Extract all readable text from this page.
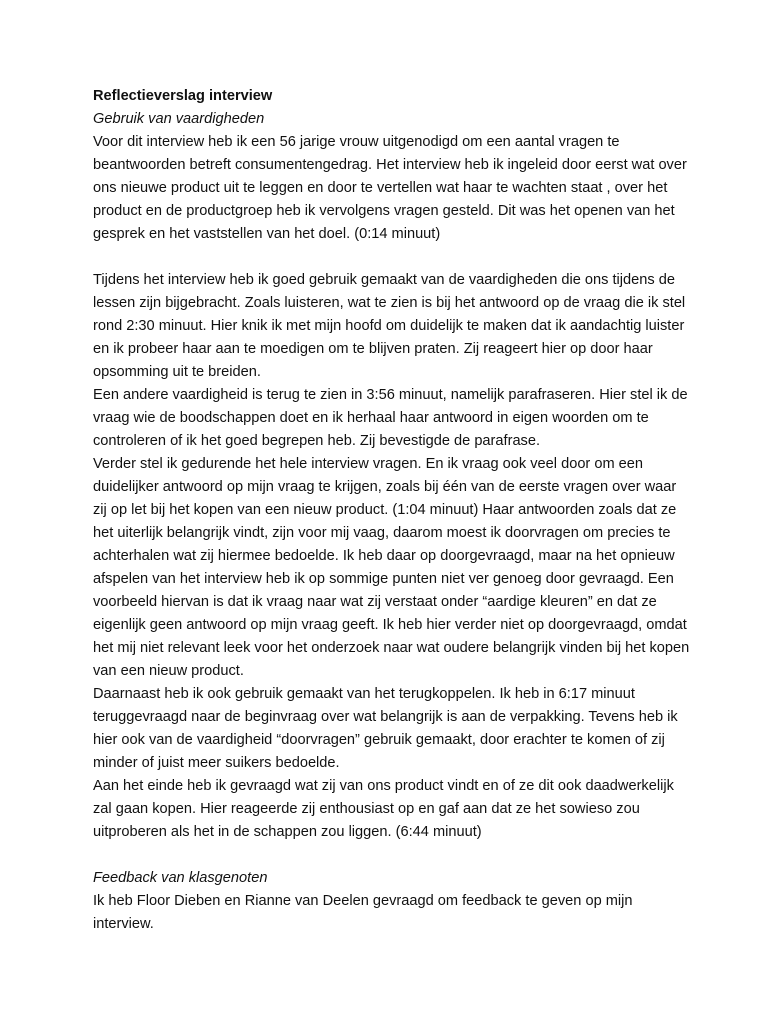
Reflectieverslag interview

Gebruik van vaardigheden

Voor dit interview heb ik een 56 jarige vrouw uitgenodigd om een aantal vragen te

beantwoorden betreft consumentengedrag. Het interview heb ik ingeleid door eerst wat over

ons nieuwe product uit te leggen en door te vertellen wat haar te wachten staat , over het

product en de productgroep heb ik vervolgens vragen gesteld. Dit was het openen van het

gesprek en het vaststellen van het doel. (0:14 minuut)

Tijdens het interview heb ik goed gebruik gemaakt van de vaardigheden die ons tijdens de

lessen zijn bijgebracht. Zoals luisteren, wat te zien is bij het antwoord op de vraag die ik stel

rond 2:30 minuut. Hier knik ik met mijn hoofd om duidelijk te maken dat ik aandachtig luister

en ik probeer haar aan te moedigen om te blijven praten. Zij reageert hier op door haar

opsomming uit te breiden.

Een andere vaardigheid is terug te zien in 3:56 minuut, namelijk parafraseren. Hier stel ik de

vraag wie de boodschappen doet en ik herhaal haar antwoord in eigen woorden om te

controleren of ik het goed begrepen heb. Zij bevestigde de parafrase.

Verder stel ik gedurende het hele interview vragen. En ik vraag ook veel door om een

duidelijker antwoord op mijn vraag te krijgen, zoals bij één van de eerste vragen over waar

zij op let bij het kopen van een nieuw product. (1:04 minuut) Haar antwoorden zoals dat ze

het uiterlijk belangrijk vindt, zijn voor mij vaag, daarom moest ik doorvragen om precies te

achterhalen wat zij hiermee bedoelde. Ik heb daar op doorgevraagd, maar na het opnieuw

afspelen van het interview heb ik op sommige punten niet ver genoeg door gevraagd. Een

voorbeeld hiervan is dat ik vraag naar wat zij verstaat onder “aardige kleuren” en dat ze

eigenlijk geen antwoord op mijn vraag geeft. Ik heb hier verder niet op doorgevraagd, omdat

het mij niet relevant leek voor het onderzoek naar wat oudere belangrijk vinden bij het kopen

van een nieuw product.

Daarnaast heb ik ook gebruik gemaakt van het terugkoppelen. Ik heb in 6:17 minuut

teruggevraagd naar de beginvraag over wat belangrijk is aan de verpakking. Tevens heb ik

hier ook van de vaardigheid “doorvragen” gebruik gemaakt, door erachter te komen of zij

minder of juist meer suikers bedoelde.

Aan het einde heb ik gevraagd wat zij van ons product vindt en of ze dit ook daadwerkelijk

zal gaan kopen. Hier reageerde zij enthousiast op en gaf aan dat ze het sowieso zou

uitproberen als het in de schappen zou liggen. (6:44 minuut)

Feedback van klasgenoten

Ik heb Floor Dieben en Rianne van Deelen gevraagd om feedback te geven op mijn

interview.
